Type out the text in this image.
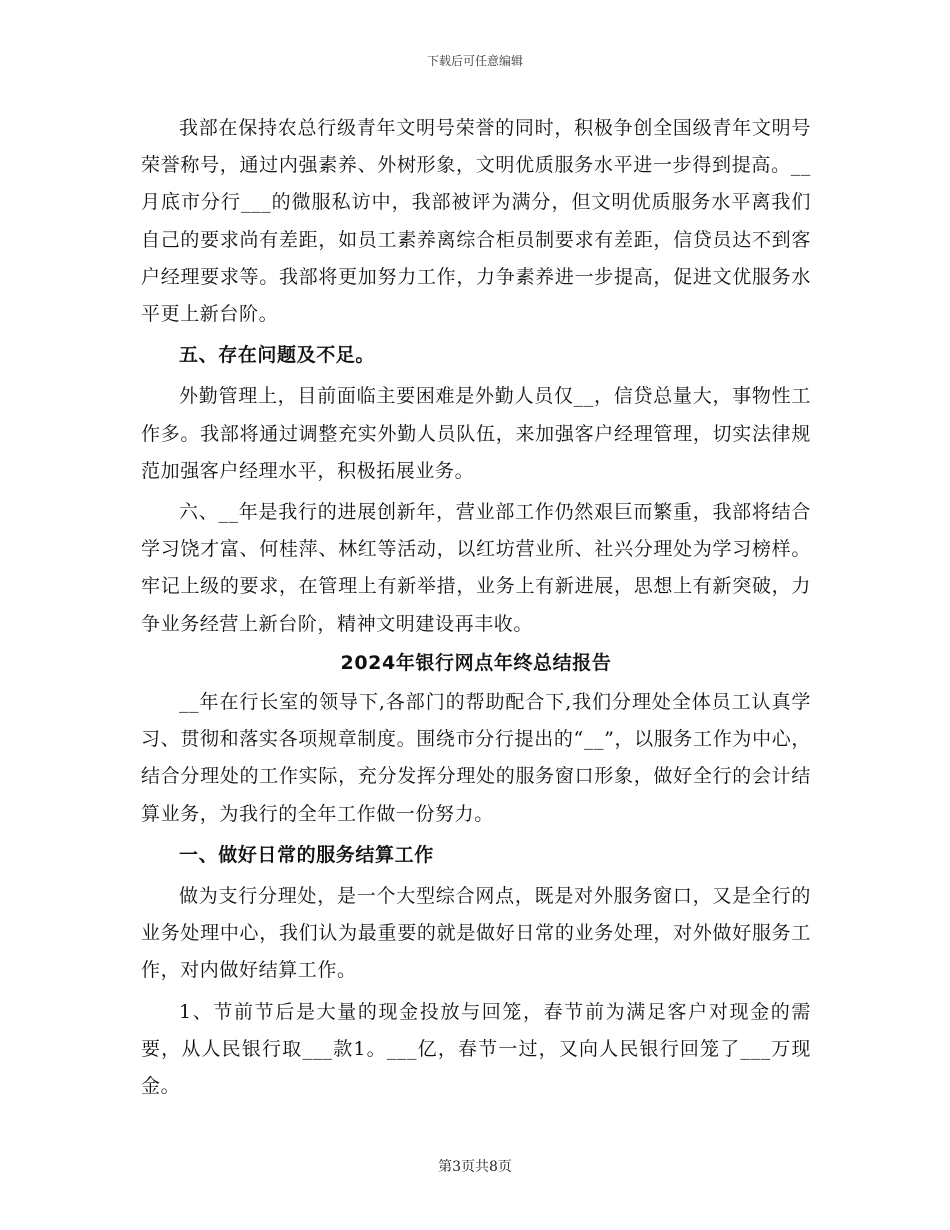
下载后可任意编辑

我部在保持农总行级青年文明号荣誉的同时，积极争创全国级青年文明号荣誉称号，通过内强素养、外树形象，文明优质服务水平进一步得到提高。__月底市分行___的微服私访中，我部被评为满分，但文明优质服务水平离我们自己的要求尚有差距，如员工素养离综合柜员制要求有差距，信贷员达不到客户经理要求等。我部将更加努力工作，力争素养进一步提高，促进文优服务水平更上新台阶。

五、存在问题及不足。

外勤管理上，目前面临主要困难是外勤人员仅__，信贷总量大，事物性工作多。我部将通过调整充实外勤人员队伍，来加强客户经理管理，切实法律规范加强客户经理水平，积极拓展业务。

六、__年是我行的进展创新年，营业部工作仍然艰巨而繁重，我部将结合学习饶才富、何桂萍、林红等活动，以红坊营业所、社兴分理处为学习榜样。牢记上级的要求，在管理上有新举措，业务上有新进展，思想上有新突破，力争业务经营上新台阶，精神文明建设再丰收。

2024年银行网点年终总结报告

__年在行长室的领导下,各部门的帮助配合下,我们分理处全体员工认真学习、贯彻和落实各项规章制度。围绕市分行提出的“__”，以服务工作为中心，结合分理处的工作实际，充分发挥分理处的服务窗口形象，做好全行的会计结算业务，为我行的全年工作做一份努力。

一、做好日常的服务结算工作

做为支行分理处，是一个大型综合网点，既是对外服务窗口，又是全行的业务处理中心，我们认为最重要的就是做好日常的业务处理，对外做好服务工作，对内做好结算工作。

1、节前节后是大量的现金投放与回笼，春节前为满足客户对现金的需要，从人民银行取___款1。___亿，春节一过，又向人民银行回笼了___万现金。

第3页共8页
